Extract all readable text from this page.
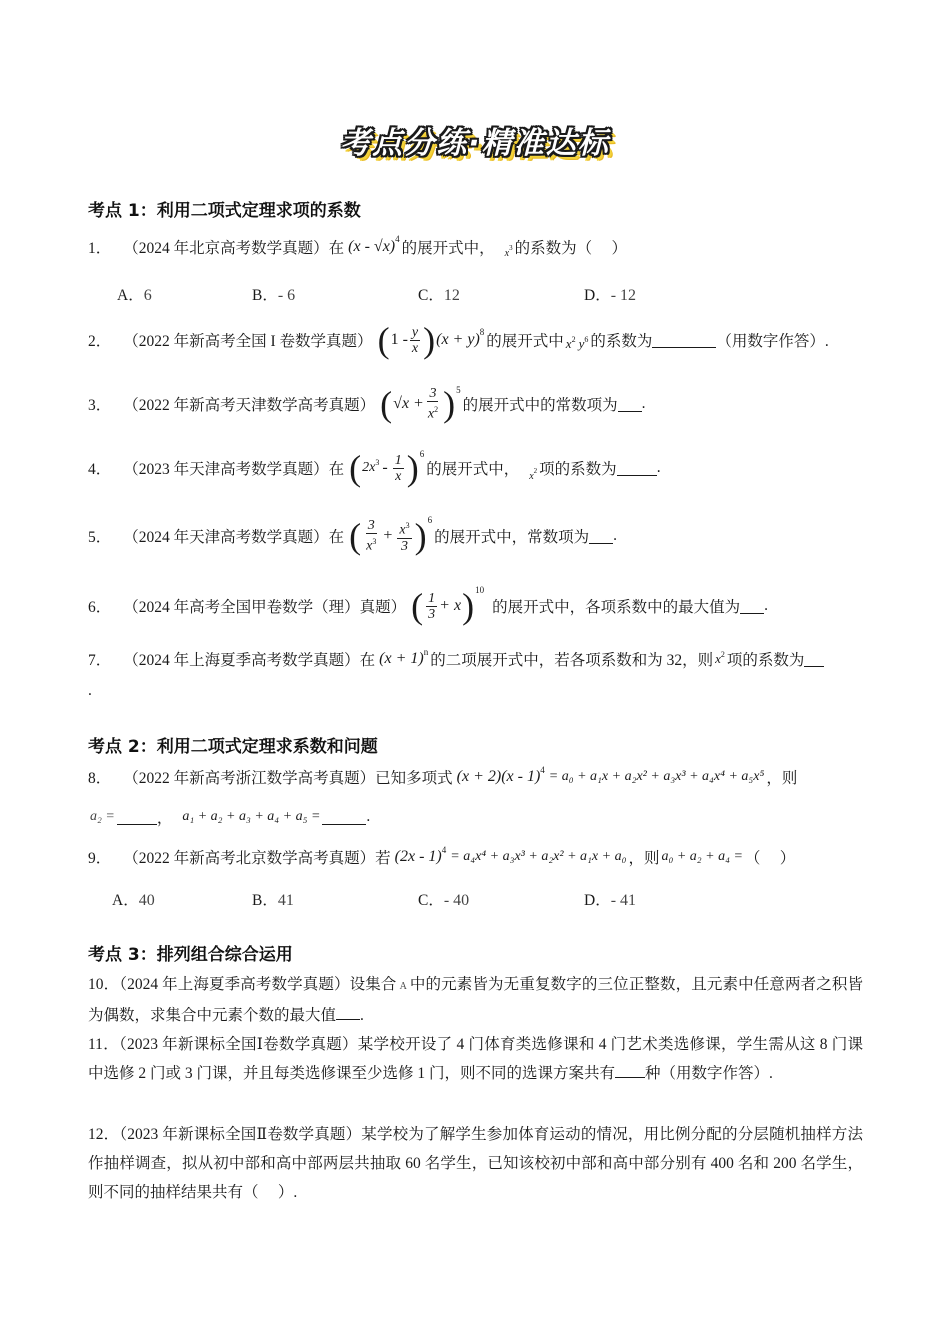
考点分练·精准达标
考点 1：利用二项式定理求项的系数
1． （2024 年北京高考数学真题）在 (x - √x)$^4$
的展开式中， $x^3$ 的系数为（　 ）
A．6	B．- 6	C．12	D．- 12
2． （2022 年新高考全国 I 卷数学真题） ( $1 - \frac{y}{x}$ ) $(x + y)^8$
的展开式中 $x^2$ $y^6$ 的系数为	（用数字作答）.
3． （2022 年新高考天津数学高考真题） ( $√x + \frac{3}{x^2} )^5$
的展开式中的常数项为 .
4． （2023 年天津高考数学真题）在 ( $2x^3 - \frac{1}{x} )^6$
的展开式中， $x^2$ 项的系数为	.
5． （2024 年天津高考数学真题）在 ( $\frac{3}{x^3} + \frac{x^3}{3} )^6$
的展开式中，常数项为 .
6． （2024 年高考全国甲卷数学（理）真题） ( $\frac{1}{3} + x$ )$^{10}$
的展开式中，各项系数中的最大值为 .
7． （2024 年上海夏季高考数学真题）在 $(x + 1)^n$ 的二项展开式中，若各项系数和为 32，则 $x^2$ 项的系数为
.
考点 2：利用二项式定理求系数和问题
8． （2022 年新高考浙江数学高考真题）已知多项式 (x + 2)(x - 1)$^4$ = a₀ + a₁x + a₂x² + a₃x³ + a₄x⁴ + a₅x⁵ ，则
a₂ =	， a₁ + a₂ + a₃ + a₄ + a₅ =	.
9． （2022 年新高考北京数学高考真题）若 (2x - 1)$^4$ = a₄x⁴ + a₃x³ + a₂x² + a₁x + a₀ ，则 a₀ + a₂ + a₄ = （　 ）
A．40	B．41	C．- 40	D．- 41
考点 3：排列组合综合运用
10．（2024 年上海夏季高考数学真题）设集合 A 中的元素皆为无重复数字的三位正整数，且元素中任意两者之积皆为偶数，求集合中元素个数的最大值 .
11．（2023 年新课标全国Ⅰ卷数学真题）某学校开设了 4 门体育类选修课和 4 门艺术类选修课，学生需从这 8 门课中选修 2 门或 3 门课，并且每类选修课至少选修 1 门，则不同的选课方案共有 种（用数字作答）.
12．（2023 年新课标全国Ⅱ卷数学真题）某学校为了解学生参加体育运动的情况，用比例分配的分层随机抽样方法作抽样调查，拟从初中部和高中部两层共抽取 60 名学生，已知该校初中部和高中部分别有 400 名和 200 名学生，则不同的抽样结果共有（　 ）.
